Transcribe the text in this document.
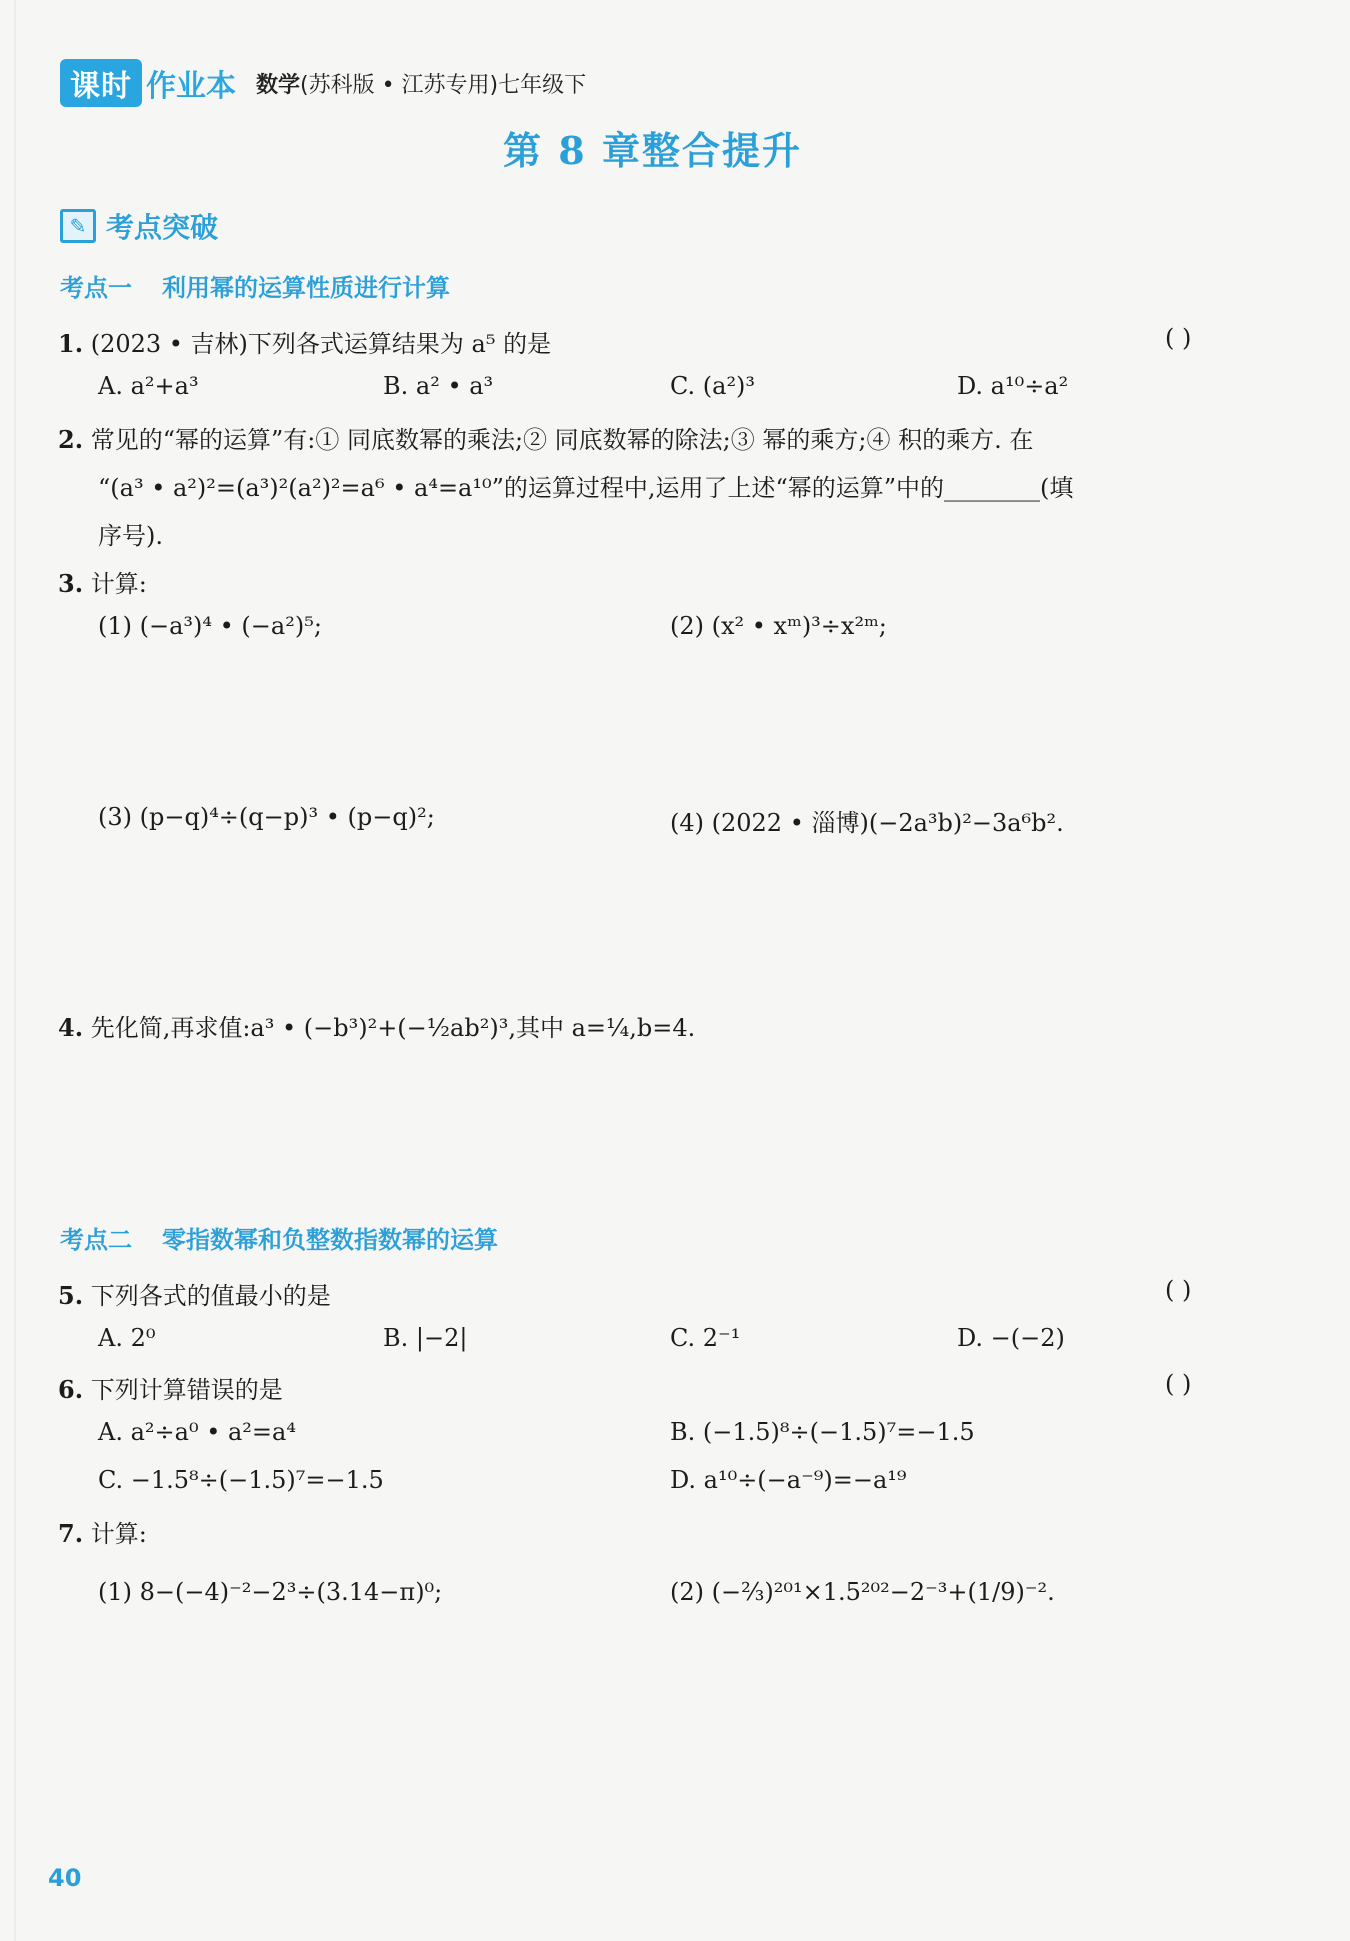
课时 作业本 数学(苏科版 • 江苏专用)七年级下
第 8 章整合提升
✎ 考点突破
考点一 利用幂的运算性质进行计算
1. (2023 • 吉林)下列各式运算结果为 a⁵ 的是	( )
A. a²+a³	B. a² • a³	C. (a²)³	D. a¹⁰÷a²
2. 常见的“幂的运算”有:① 同底数幂的乘法;② 同底数幂的除法;③ 幂的乘方;④ 积的乘方. 在
“(a³ • a²)²=(a³)²(a²)²=a⁶ • a⁴=a¹⁰”的运算过程中,运用了上述“幂的运算”中的________(填
序号).
3. 计算:
(1) (−a³)⁴ • (−a²)⁵;	(2) (x² • xᵐ)³÷x²ᵐ;
(3) (p−q)⁴÷(q−p)³ • (p−q)²;	(4) (2022 • 淄博)(−2a³b)²−3a⁶b².
4. 先化简,再求值:a³ • (−b³)²+(−½ab²)³,其中 a=¼,b=4.
考点二 零指数幂和负整数指数幂的运算
5. 下列各式的值最小的是	( )
A. 2⁰	B. |−2|	C. 2⁻¹	D. −(−2)
6. 下列计算错误的是	( )
A. a²÷a⁰ • a²=a⁴	B. (−1.5)⁸÷(−1.5)⁷=−1.5
C. −1.5⁸÷(−1.5)⁷=−1.5	D. a¹⁰÷(−a⁻⁹)=−a¹⁹
7. 计算:
(1) 8−(−4)⁻²−2³÷(3.14−π)⁰;	(2) (−⅔)²⁰¹×1.5²⁰²−2⁻³+(1/9)⁻².
40
